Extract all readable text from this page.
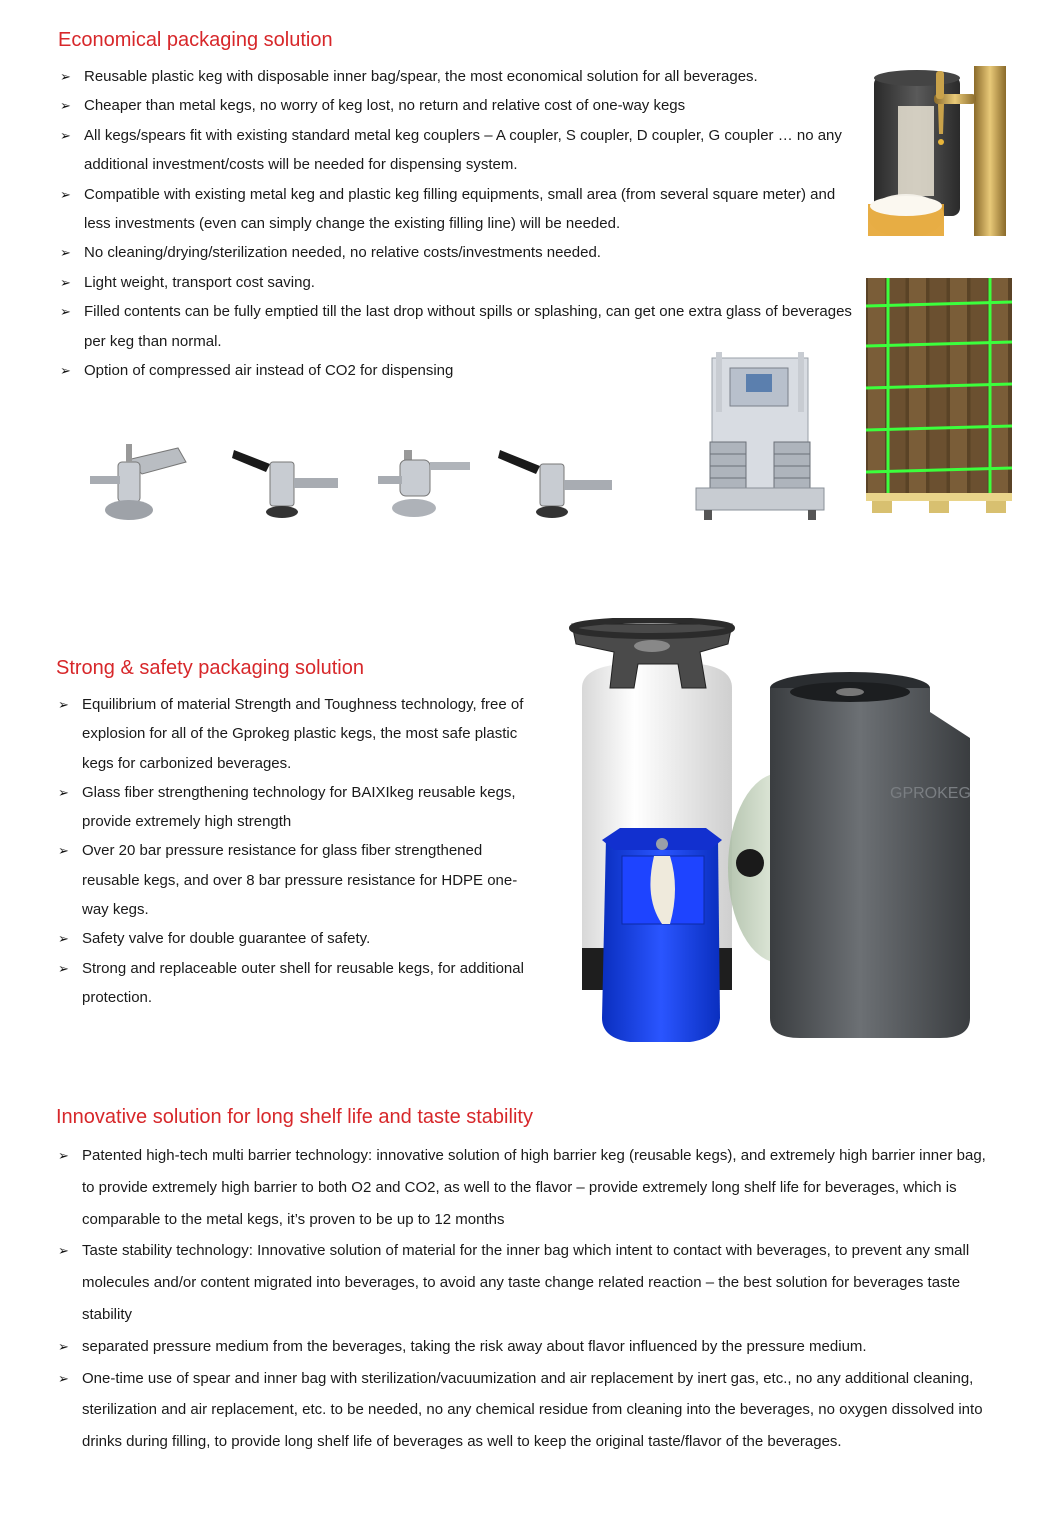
Economical packaging solution
➢ Reusable plastic keg with disposable inner bag/spear, the most economical solution for all beverages.
➢ Cheaper than metal kegs, no worry of keg lost, no return and relative cost of one-way kegs
➢ All kegs/spears fit with existing standard metal keg couplers – A coupler, S coupler, D coupler, G coupler … no any additional investment/costs will be needed for dispensing system.
➢ Compatible with existing metal keg and plastic keg filling equipments, small area (from several square meter) and less investments (even can simply change the existing filling line) will be needed.
➢ No cleaning/drying/sterilization needed, no relative costs/investments needed.
➢ Light weight, transport cost saving.
➢ Filled contents can be fully emptied till the last drop without spills or splashing, can get one extra glass of beverages per keg than normal.
➢ Option of compressed air instead of CO2 for dispensing
Strong & safety packaging solution
➢ Equilibrium of material Strength and Toughness technology, free of explosion for all of the Gprokeg plastic kegs, the most safe plastic kegs for carbonized beverages.
➢ Glass fiber strengthening technology for BAIXIkeg reusable kegs, provide extremely high strength
➢ Over 20 bar pressure resistance for glass fiber strengthened reusable kegs, and over 8 bar pressure resistance for HDPE one-way kegs.
➢ Safety valve for double guarantee of safety.
➢ Strong and replaceable outer shell for reusable kegs, for additional protection.
GPROKEG
Innovative solution for long shelf life and taste stability
➢ Patented high-tech multi barrier technology: innovative solution of high barrier keg (reusable kegs), and extremely high barrier inner bag, to provide extremely high barrier to both O2 and CO2, as well to the flavor – provide extremely long shelf life for beverages, which is comparable to the metal kegs, it’s proven to be up to 12 months
➢ Taste stability technology: Innovative solution of material for the inner bag which intent to contact with beverages, to prevent any small molecules and/or content migrated into beverages, to avoid any taste change related reaction – the best solution for beverages taste stability
➢ separated pressure medium from the beverages, taking the risk away about flavor influenced by the pressure medium.
➢ One-time use of spear and inner bag with sterilization/vacuumization and air replacement by inert gas, etc., no any additional cleaning, sterilization and air replacement, etc. to be needed, no any chemical residue from cleaning into the beverages, no oxygen dissolved into drinks during filling, to provide long shelf life of beverages as well to keep the original taste/flavor of the beverages.
